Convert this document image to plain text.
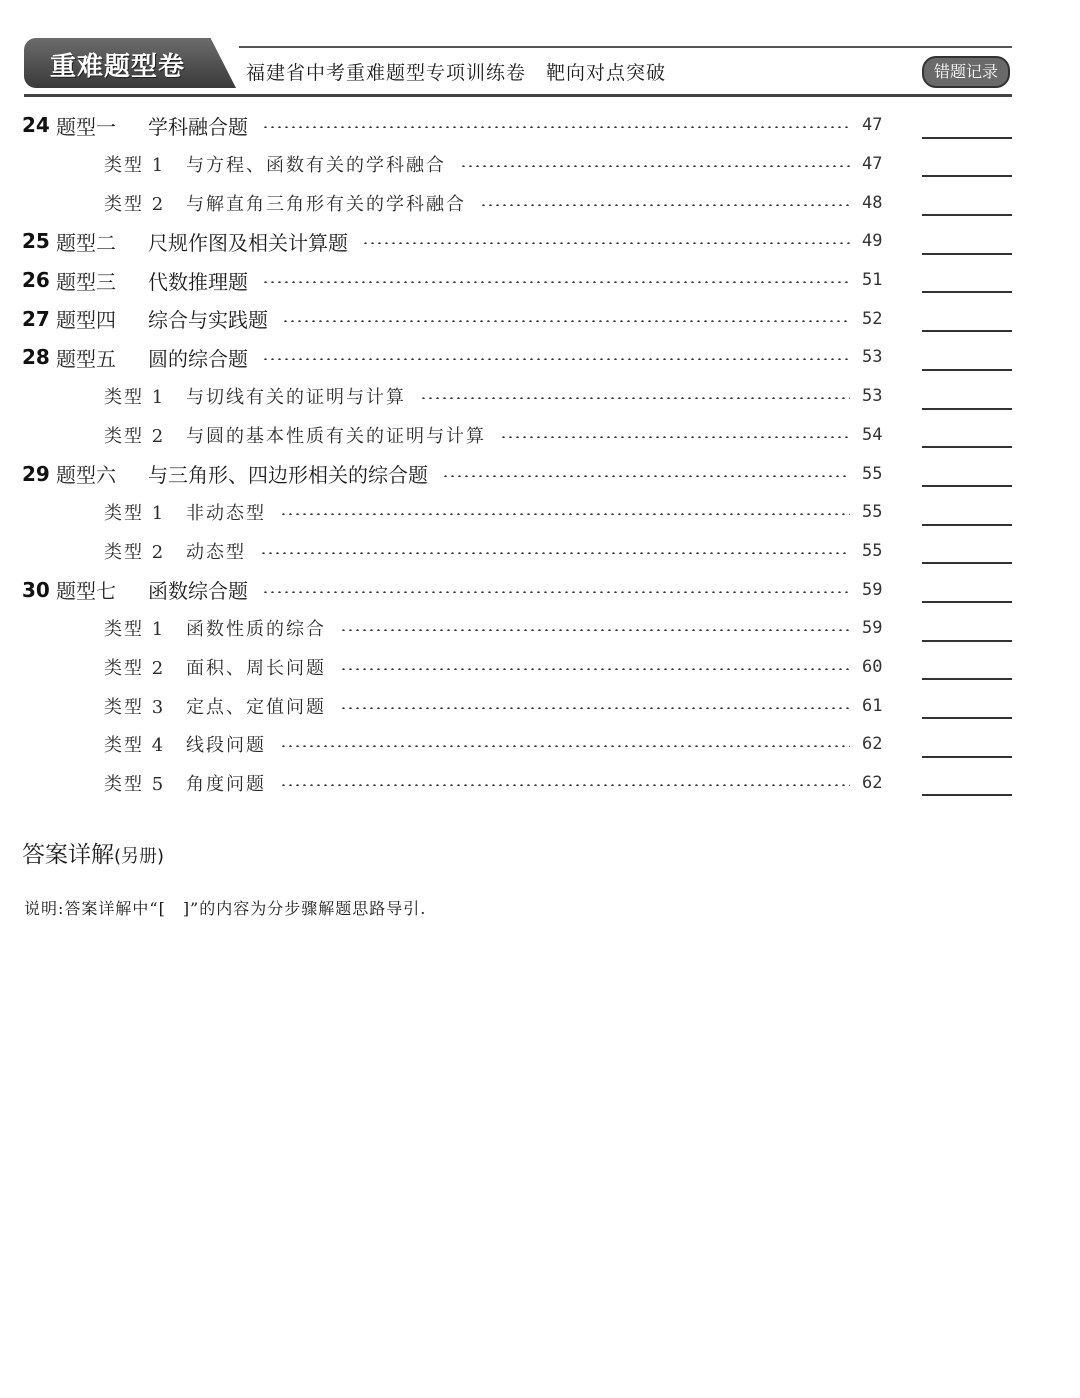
重难题型卷	福建省中考重难题型专项训练卷　靶向对点突破	错题记录
24 题型一	学科融合题	47
类型 1	与方程、函数有关的学科融合	47
类型 2	与解直角三角形有关的学科融合	48
25 题型二	尺规作图及相关计算题	49
26 题型三	代数推理题	51
27 题型四	综合与实践题	52
28 题型五	圆的综合题	53
类型 1	与切线有关的证明与计算	53
类型 2	与圆的基本性质有关的证明与计算	54
29 题型六	与三角形、四边形相关的综合题	55
类型 1	非动态型	55
类型 2	动态型	55
30 题型七	函数综合题	59
类型 1	函数性质的综合	59
类型 2	面积、周长问题	60
类型 3	定点、定值问题	61
类型 4	线段问题	62
类型 5	角度问题	62
答案详解(另册)
说明:答案详解中“[　]”的内容为分步骤解题思路导引.
